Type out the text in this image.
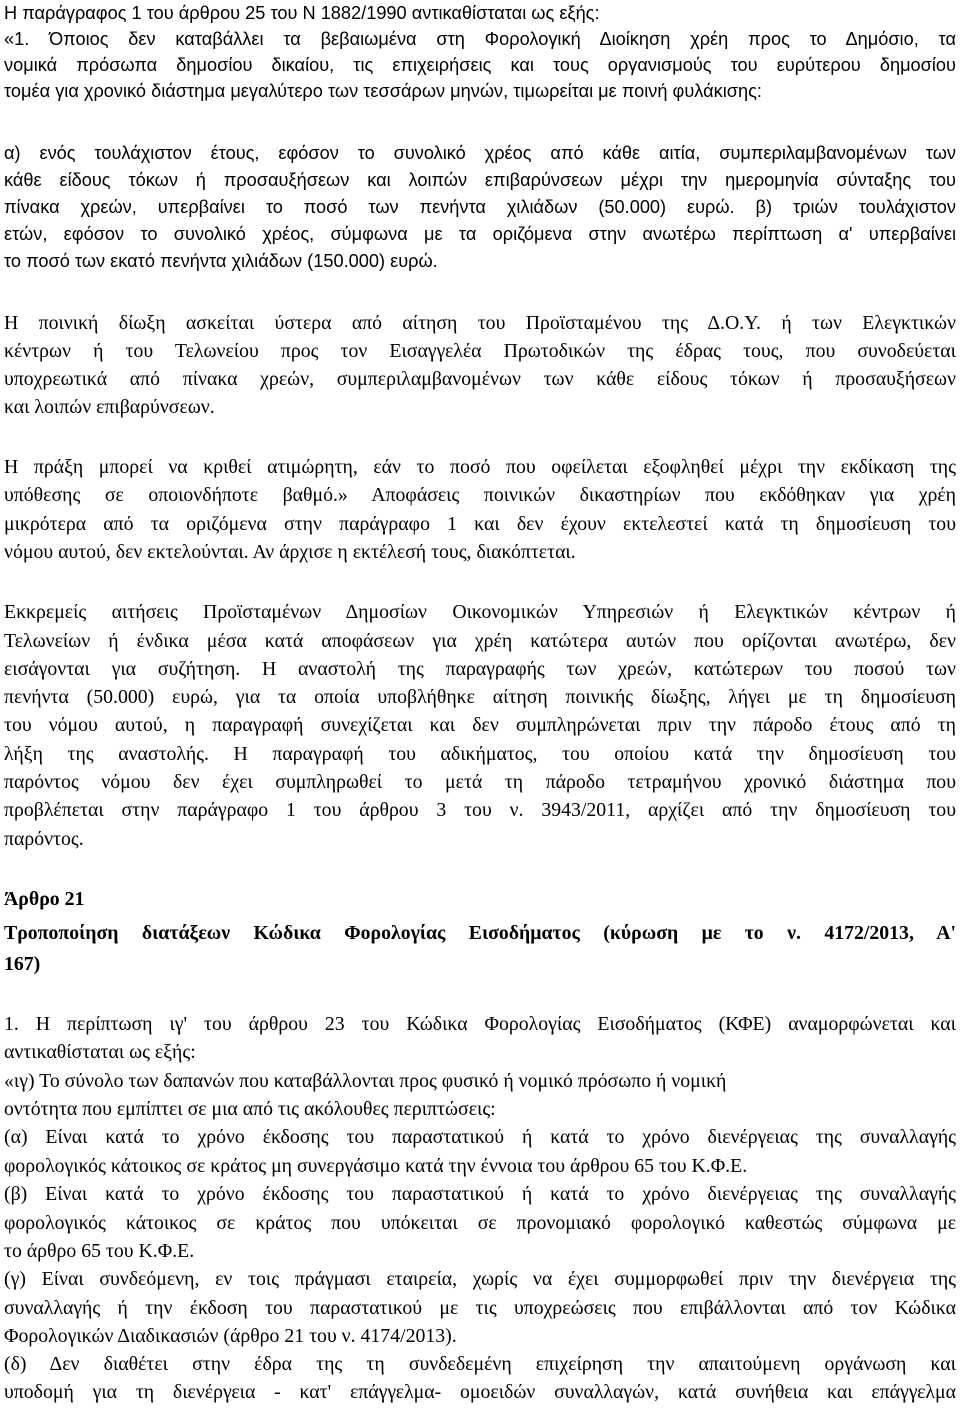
Η παράγραφος 1 του άρθρου 25 του Ν 1882/1990 αντικαθίσταται ως εξής:
«1. Όποιος δεν καταβάλλει τα βεβαιωμένα στη Φορολογική Διοίκηση χρέη προς το Δημόσιο, τα
νομικά πρόσωπα δημοσίου δικαίου, τις επιχειρήσεις και τους οργανισμούς του ευρύτερου δημοσίου
τομέα για χρονικό διάστημα μεγαλύτερο των τεσσάρων μηνών, τιμωρείται με ποινή φυλάκισης:
α) ενός τουλάχιστον έτους, εφόσον το συνολικό χρέος από κάθε αιτία, συμπεριλαμβανομένων των
κάθε είδους τόκων ή προσαυξήσεων και λοιπών επιβαρύνσεων μέχρι την ημερομηνία σύνταξης του
πίνακα χρεών, υπερβαίνει το ποσό των πενήντα χιλιάδων (50.000) ευρώ. β) τριών τουλάχιστον
ετών, εφόσον το συνολικό χρέος, σύμφωνα με τα οριζόμενα στην ανωτέρω περίπτωση α' υπερβαίνει
το ποσό των εκατό πενήντα χιλιάδων (150.000) ευρώ.
Η ποινική δίωξη ασκείται ύστερα από αίτηση του Προϊσταμένου της Δ.Ο.Υ. ή των Ελεγκτικών
κέντρων ή του Τελωνείου προς τον Εισαγγελέα Πρωτοδικών της έδρας τους, που συνοδεύεται
υποχρεωτικά από πίνακα χρεών, συμπεριλαμβανομένων των κάθε είδους τόκων ή προσαυξήσεων
και λοιπών επιβαρύνσεων.
Η πράξη μπορεί να κριθεί ατιμώρητη, εάν το ποσό που οφείλεται εξοφληθεί μέχρι την εκδίκαση της
υπόθεσης σε οποιονδήποτε βαθμό.» Αποφάσεις ποινικών δικαστηρίων που εκδόθηκαν για χρέη
μικρότερα από τα οριζόμενα στην παράγραφο 1 και δεν έχουν εκτελεστεί κατά τη δημοσίευση του
νόμου αυτού, δεν εκτελούνται. Αν άρχισε η εκτέλεσή τους, διακόπτεται.
Εκκρεμείς αιτήσεις Προϊσταμένων Δημοσίων Οικονομικών Υπηρεσιών ή Ελεγκτικών κέντρων ή
Τελωνείων ή ένδικα μέσα κατά αποφάσεων για χρέη κατώτερα αυτών που ορίζονται ανωτέρω, δεν
εισάγονται για συζήτηση. Η αναστολή της παραγραφής των χρεών, κατώτερων του ποσού των
πενήντα (50.000) ευρώ, για τα οποία υποβλήθηκε αίτηση ποινικής δίωξης, λήγει με τη δημοσίευση
του νόμου αυτού, η παραγραφή συνεχίζεται και δεν συμπληρώνεται πριν την πάροδο έτους από τη
λήξη της αναστολής. Η παραγραφή του αδικήματος, του οποίου κατά την δημοσίευση του
παρόντος νόμου δεν έχει συμπληρωθεί το μετά τη πάροδο τετραμήνου χρονικό διάστημα που
προβλέπεται στην παράγραφο 1 του άρθρου 3 του ν. 3943/2011, αρχίζει από την δημοσίευση του
παρόντος.
Άρθρο 21
Τροποποίηση διατάξεων Κώδικα Φορολογίας Εισοδήματος (κύρωση με το ν. 4172/2013, Α'
167)
1. Η περίπτωση ιγ' του άρθρου 23 του Κώδικα Φορολογίας Εισοδήματος (ΚΦΕ) αναμορφώνεται και
αντικαθίσταται ως εξής:
«ιγ) Το σύνολο των δαπανών που καταβάλλονται προς φυσικό ή νομικό πρόσωπο ή νομική
οντότητα που εμπίπτει σε μια από τις ακόλουθες περιπτώσεις:
(α) Είναι κατά το χρόνο έκδοσης του παραστατικού ή κατά το χρόνο διενέργειας της συναλλαγής
φορολογικός κάτοικος σε κράτος μη συνεργάσιμο κατά την έννοια του άρθρου 65 του Κ.Φ.Ε.
(β) Είναι κατά το χρόνο έκδοσης του παραστατικού ή κατά το χρόνο διενέργειας της συναλλαγής
φορολογικός κάτοικος σε κράτος που υπόκειται σε προνομιακό φορολογικό καθεστώς σύμφωνα με
το άρθρο 65 του Κ.Φ.Ε.
(γ) Είναι συνδεόμενη, εν τοις πράγμασι εταιρεία, χωρίς να έχει συμμορφωθεί πριν την διενέργεια της
συναλλαγής ή την έκδοση του παραστατικού με τις υποχρεώσεις που επιβάλλονται από τον Κώδικα
Φορολογικών Διαδικασιών (άρθρο 21 του ν. 4174/2013).
(δ) Δεν διαθέτει στην έδρα της τη συνδεδεμένη επιχείρηση την απαιτούμενη οργάνωση και
υποδομή για τη διενέργεια - κατ' επάγγελμα- ομοειδών συναλλαγών, κατά συνήθεια και επάγγελμα
